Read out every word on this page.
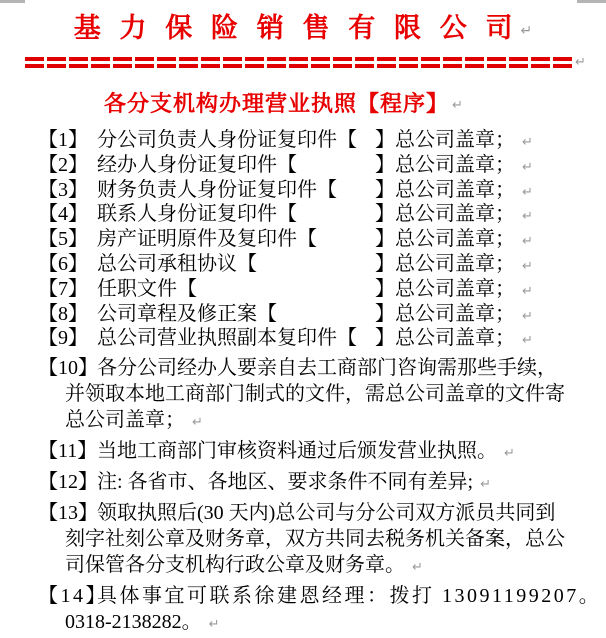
基 力 保 险 销 售 有 限 公 司 ↵
↵
各分支机构办理营业执照【程序】 ↵
【1】 分公司负责人身份证复印件【 】总公司盖章； ↵
【2】 经办人身份证复印件【	】总公司盖章； ↵
【3】 财务负责人身份证复印件【 】总公司盖章； ↵
【4】 联系人身份证复印件【	】总公司盖章； ↵
【5】 房产证明原件及复印件【	】总公司盖章； ↵
【6】 总公司承租协议【	】总公司盖章； ↵
【7】 任职文件【	】总公司盖章； ↵
【8】 公司章程及修正案【	】总公司盖章； ↵
【9】 总公司营业执照副本复印件【 】总公司盖章； ↵
【10】 各分公司经办人要亲自去工商部门咨询需那些手续，
并领取本地工商部门制式的文件，需总公司盖章的文件寄
总公司盖章； ↵
【11】 当地工商部门审核资料通过后颁发营业执照。 ↵
【12】 注: 各省市、各地区、要求条件不同有差异; ↵
【13】 领取执照后(30 天内)总公司与分公司双方派员共同到
刻字社刻公章及财务章，双方共同去税务机关备案，总公
司保管各分支机构行政公章及财务章。 ↵
【14】
具体事宜可联系徐建恩经理：拨打 13091199207。
0318-2138282。 ↵
